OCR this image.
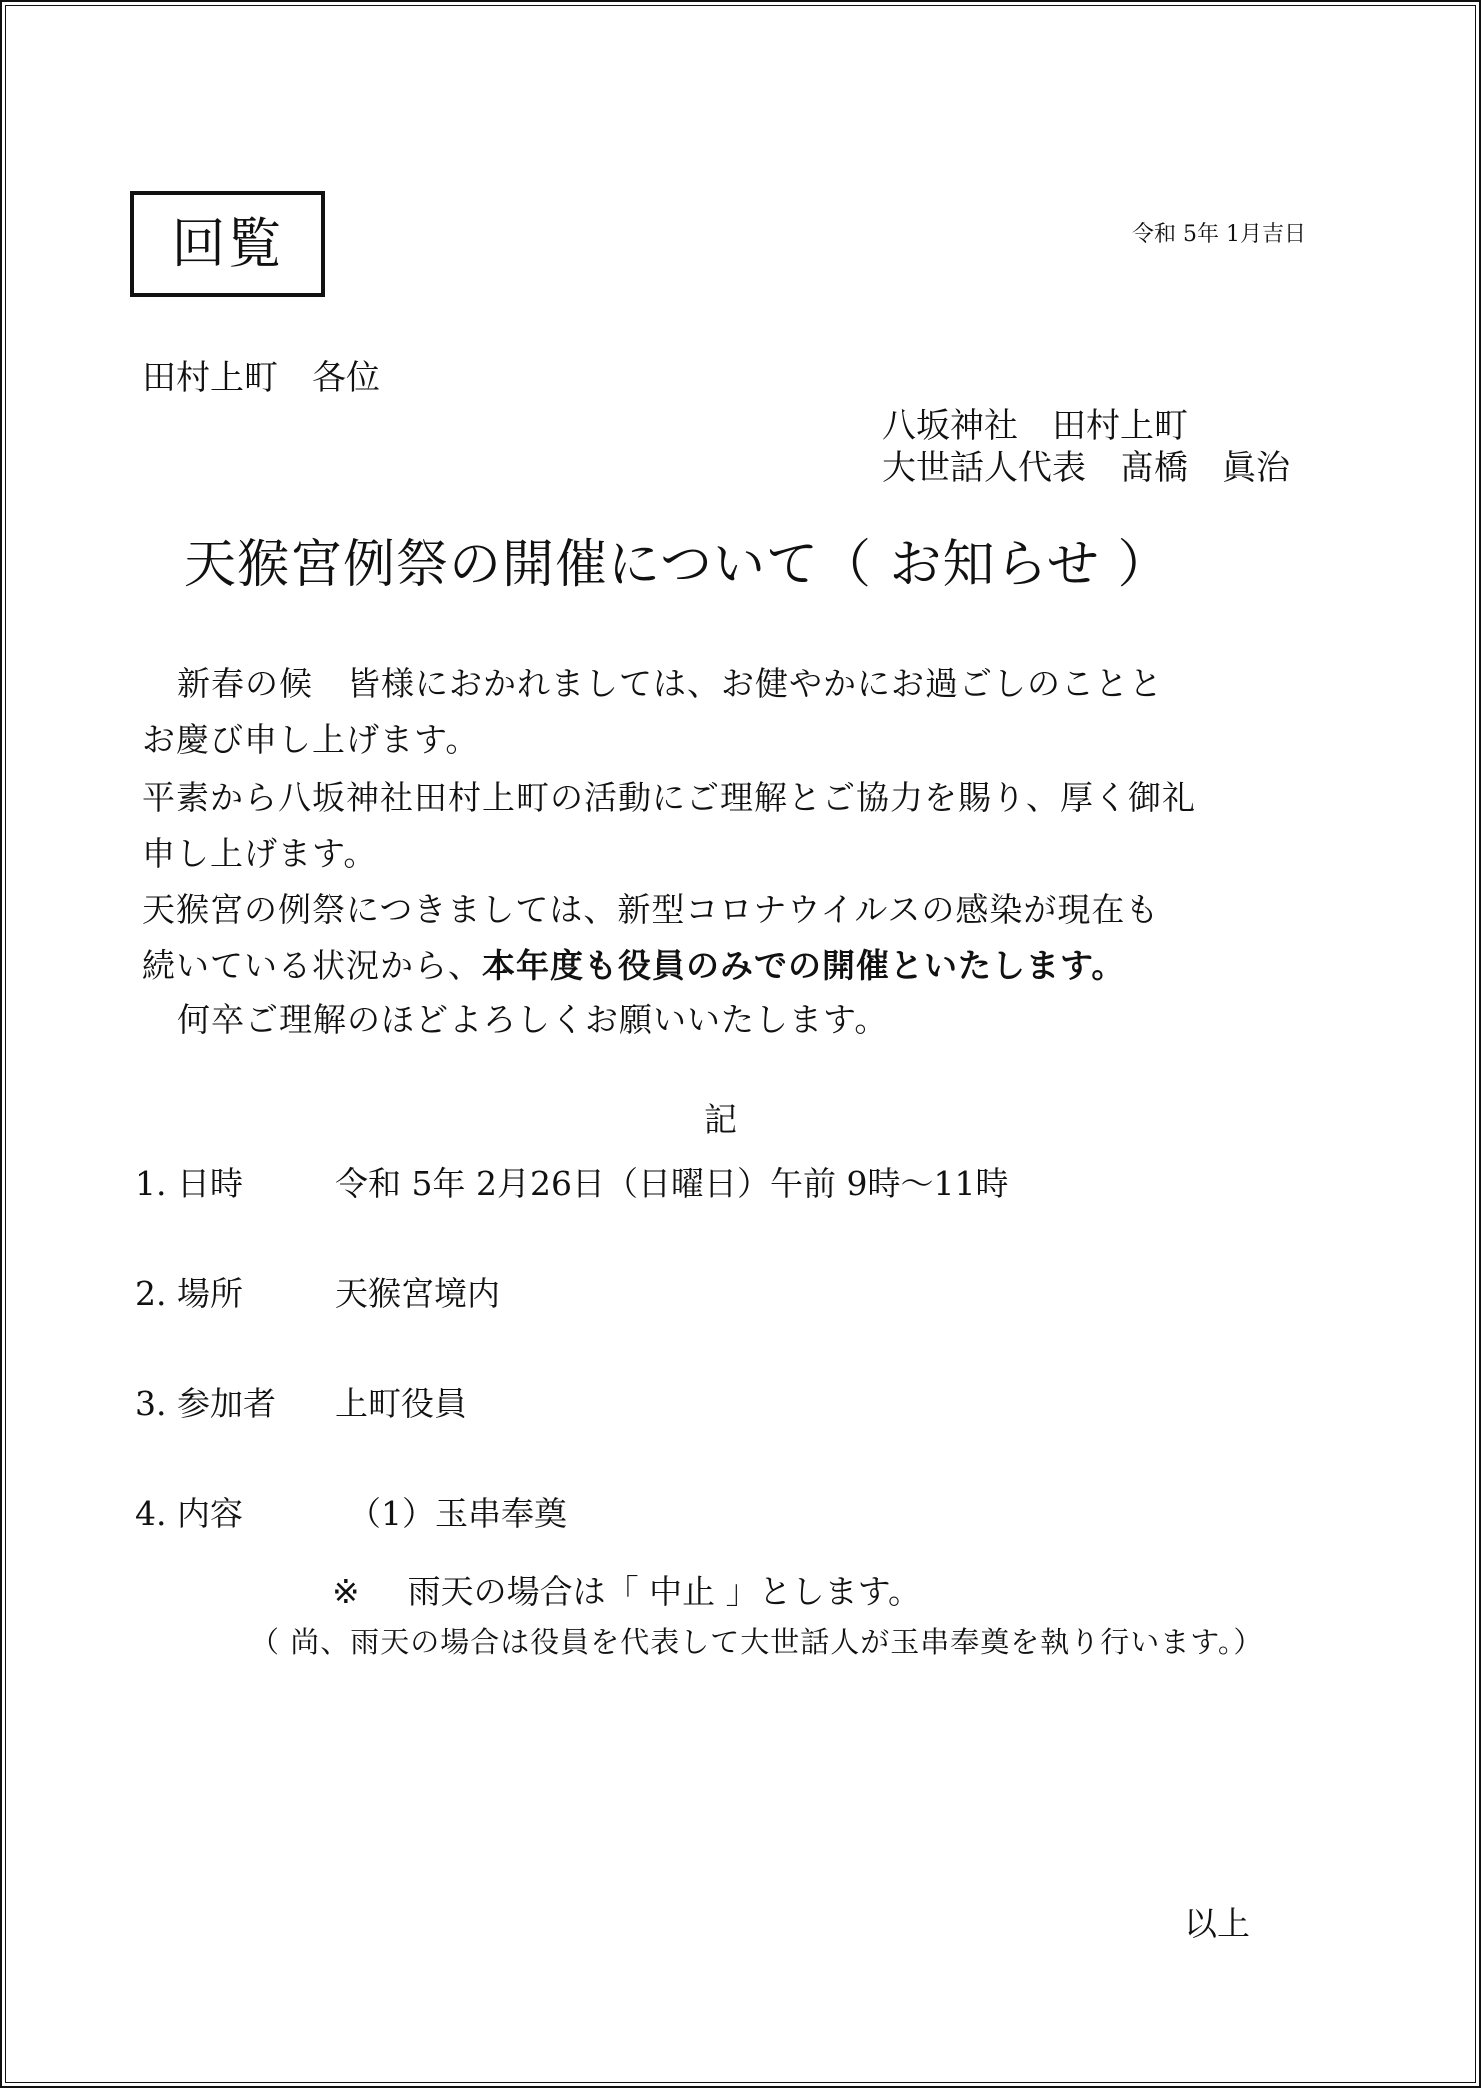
回覧	令和 5年 1月吉日
田村上町　各位
八坂神社　田村上町
大世話人代表　髙橋　眞治
天猴宮例祭の開催について（ お知らせ ）
新春の候　皆様におかれましては、お健やかにお過ごしのことと
お慶び申し上げます。
平素から八坂神社田村上町の活動にご理解とご協力を賜り、厚く御礼
申し上げます。
天猴宮の例祭につきましては、新型コロナウイルスの感染が現在も
続いている状況から、本年度も役員のみでの開催といたします。
何卒ご理解のほどよろしくお願いいたします。
記
1. 日時	令和 5年 2月26日（日曜日）午前 9時～11時
2. 場所	天猴宮境内
3. 参加者 上町役員
4. 内容	（1）玉串奉奠
※ 雨天の場合は「 中止 」とします。
（ 尚、雨天の場合は役員を代表して大世話人が玉串奉奠を執り行います。）
以上
